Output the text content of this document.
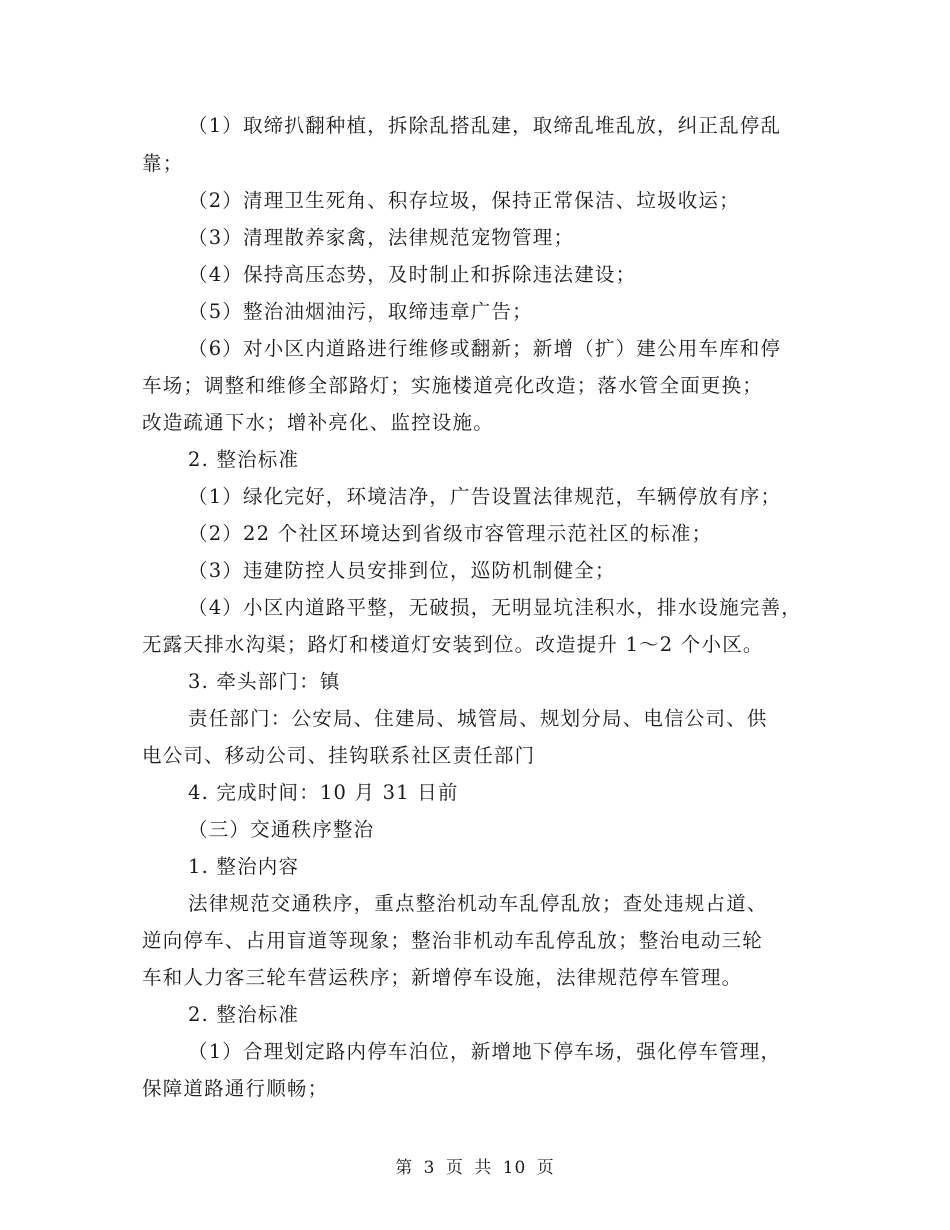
（1）取缔扒翻种植，拆除乱搭乱建，取缔乱堆乱放，纠正乱停乱
靠；
（2）清理卫生死角、积存垃圾，保持正常保洁、垃圾收运；
（3）清理散养家禽，法律规范宠物管理；
（4）保持高压态势，及时制止和拆除违法建设；
（5）整治油烟油污，取缔违章广告；
（6）对小区内道路进行维修或翻新；新增（扩）建公用车库和停
车场；调整和维修全部路灯；实施楼道亮化改造；落水管全面更换；
改造疏通下水；增补亮化、监控设施。
2. 整治标准
（1）绿化完好，环境洁净，广告设置法律规范，车辆停放有序；
（2）22 个社区环境达到省级市容管理示范社区的标准；
（3）违建防控人员安排到位，巡防机制健全；
（4）小区内道路平整，无破损，无明显坑洼积水，排水设施完善，
无露天排水沟渠；路灯和楼道灯安装到位。改造提升 1～2 个小区。
3. 牵头部门：镇
责任部门：公安局、住建局、城管局、规划分局、电信公司、供
电公司、移动公司、挂钩联系社区责任部门
4. 完成时间：10 月 31 日前
（三）交通秩序整治
1. 整治内容
法律规范交通秩序，重点整治机动车乱停乱放；查处违规占道、
逆向停车、占用盲道等现象；整治非机动车乱停乱放；整治电动三轮
车和人力客三轮车营运秩序；新增停车设施，法律规范停车管理。
2. 整治标准
（1）合理划定路内停车泊位，新增地下停车场，强化停车管理，
保障道路通行顺畅；
第 3 页 共 10 页
